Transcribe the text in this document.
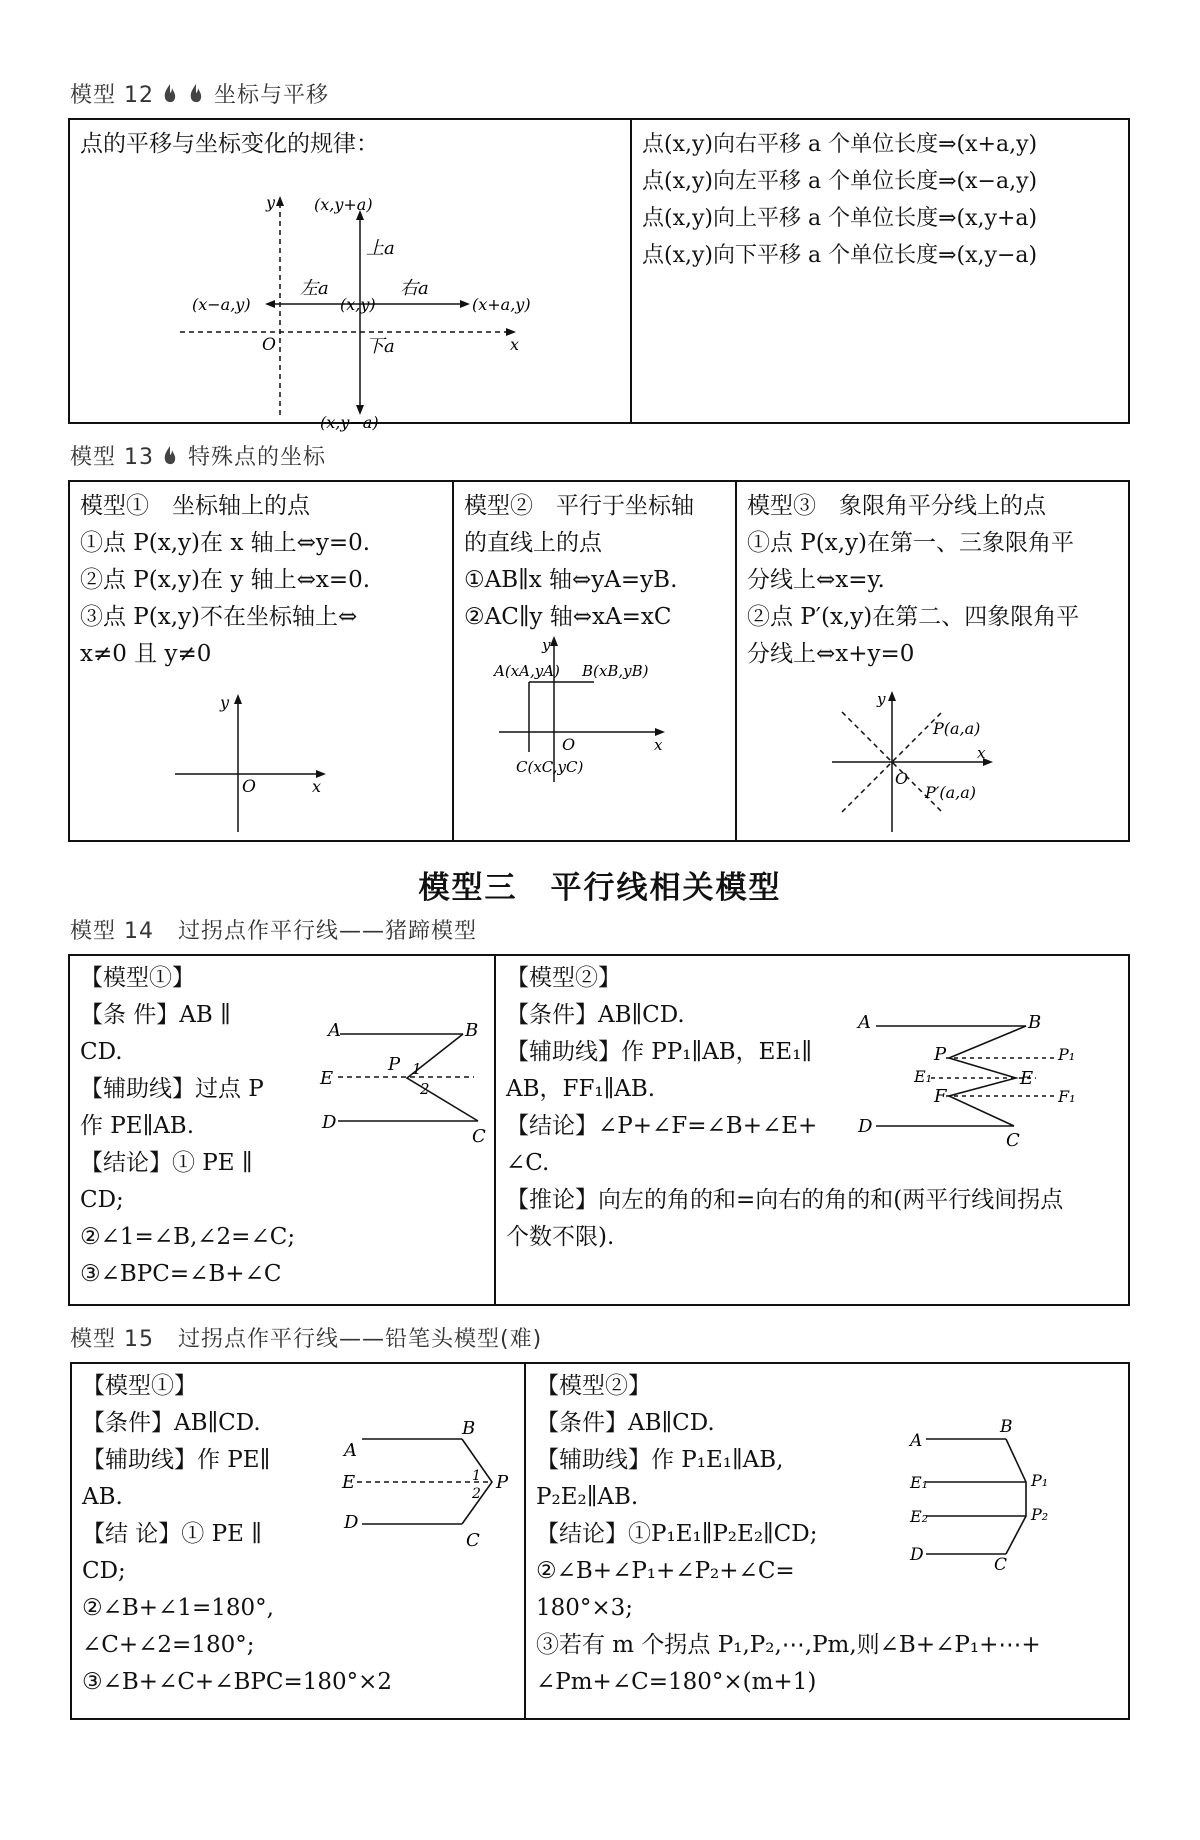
模型 12	坐标与平移
点的平移与坐标变化的规律：	点(x,y)向右平移 a 个单位长度⇒(x+a,y)
点(x,y)向左平移 a 个单位长度⇒(x−a,y)
点(x,y)向上平移 a 个单位长度⇒(x,y+a)
点(x,y)向下平移 a 个单位长度⇒(x,y−a)
y
x
O
(x,y+a)
(x−a,y)	(x,y)	(x+a,y)
(x,y−a)
上a
左a	右a
下a
模型 13 特殊点的坐标
模型①　坐标轴上的点
①点 P(x,y)在 x 轴上⇔y=0.
②点 P(x,y)在 y 轴上⇔x=0.
③点 P(x,y)不在坐标轴上⇔
x≠0 且 y≠0
y
x
O
模型②　平行于坐标轴
的直线上的点
①AB∥x 轴⇔yA=yB.
②AC∥y 轴⇔xA=xC
y
x
O
A(xA,yA) B(xB,yB)
C(xC,yC)
模型③　象限角平分线上的点
①点 P(x,y)在第一、三象限角平
分线上⇔x=y.
②点 P′(x,y)在第二、四象限角平
分线上⇔x+y=0
y
x
O
P(a,a)
P′(a,a)
模型三　平行线相关模型
模型 14 过拐点作平行线——猪蹄模型
【模型①】
【条 件】AB ∥
CD.
【辅助线】过点 P
作 PE∥AB.
【结论】① PE ∥
CD;
②∠1=∠B,∠2=∠C;
③∠BPC=∠B+∠C
A	B
E
P 1
2
D
C
【模型②】
【条件】AB∥CD.
【辅助线】作 PP₁∥AB，EE₁∥
AB，FF₁∥AB.
【结论】∠P+∠F=∠B+∠E+
∠C.
【推论】向左的角的和=向右的角的和(两平行线间拐点
个数不限).
A	B
E₁
P	P₁
E
F	F₁
D
C
模型 15 过拐点作平行线——铅笔头模型(难)
【模型①】
【条件】AB∥CD.
【辅助线】作 PE∥
AB.
【结 论】① PE ∥
CD;
②∠B+∠1=180°,
∠C+∠2=180°;
③∠B+∠C+∠BPC=180°×2
A
B
E	1
2
P
D
C
【模型②】
【条件】AB∥CD.
【辅助线】作 P₁E₁∥AB,
P₂E₂∥AB.
【结论】①P₁E₁∥P₂E₂∥CD;
②∠B+∠P₁+∠P₂+∠C=
180°×3;
③若有 m 个拐点 P₁,P₂,⋯,Pm,则∠B+∠P₁+⋯+
∠Pm+∠C=180°×(m+1)
A
B
E₁	P₁
E₂	P₂
D	C
